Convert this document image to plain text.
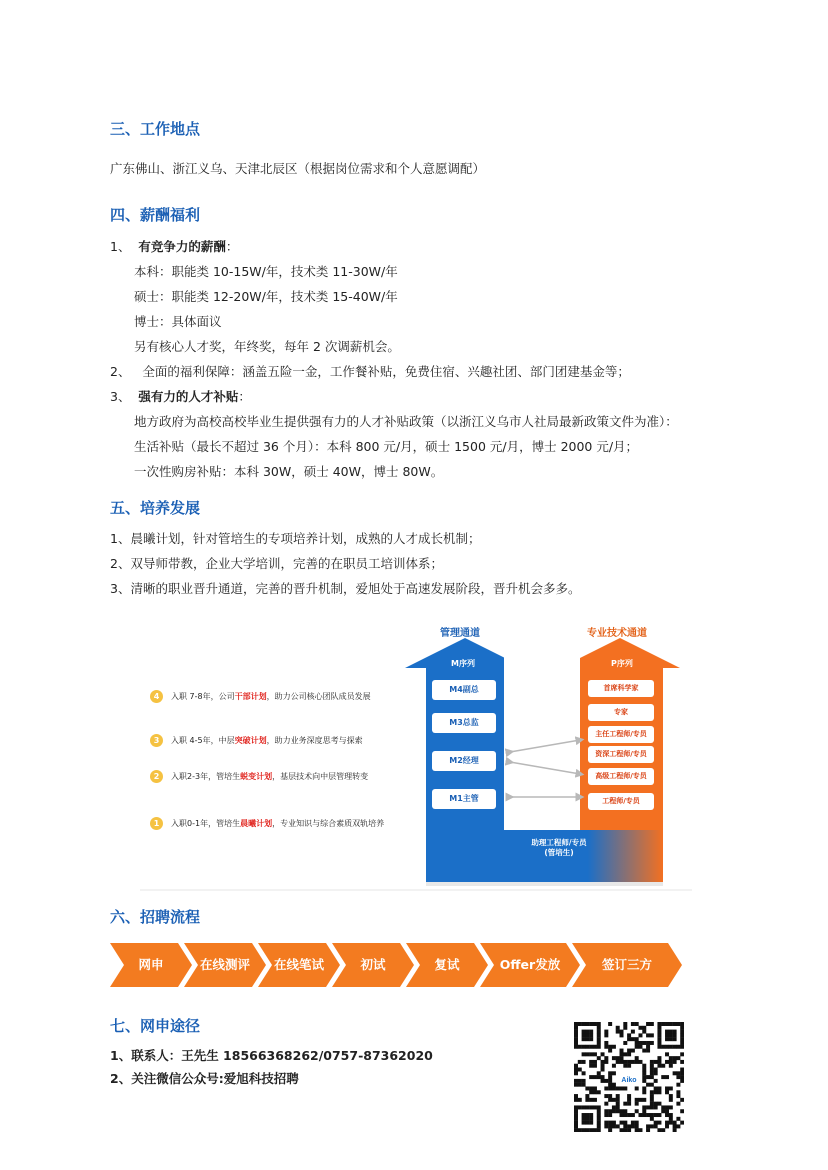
三、工作地点
广东佛山、浙江义乌、天津北辰区（根据岗位需求和个人意愿调配）
四、薪酬福利
1、 有竞争力的薪酬：
本科：职能类 10-15W/年，技术类 11-30W/年
硕士：职能类 12-20W/年，技术类 15-40W/年
博士：具体面议
另有核心人才奖，年终奖，每年 2 次调薪机会。
2、 全面的福利保障：涵盖五险一金，工作餐补贴，免费住宿、兴趣社团、部门团建基金等；
3、 强有力的人才补贴：
地方政府为高校高校毕业生提供强有力的人才补贴政策（以浙江义乌市人社局最新政策文件为准）：
生活补贴（最长不超过 36 个月）：本科 800 元/月，硕士 1500 元/月，博士 2000 元/月；
一次性购房补贴：本科 30W，硕士 40W，博士 80W。
五、培养发展
1、晨曦计划，针对管培生的专项培养计划，成熟的人才成长机制；
2、双导师带教，企业大学培训，完善的在职员工培训体系；
3、清晰的职业晋升通道，完善的晋升机制，爱旭处于高速发展阶段，晋升机会多多。
管理通道	专业技术通道
M序列	P序列
M4副总
M3总监
M2经理
M1主管
首席科学家
专家
主任工程师/专员
资深工程师/专员
高级工程师/专员
工程师/专员
助理工程师/专员
(管培生)
4 入职 7-8年，公司干部计划，助力公司核心团队成员发展
3 入职 4-5年，中层突破计划，助力业务深度思考与探索
2 入职2-3年，管培生蜕变计划，基层技术向中层管理转变
1 入职0-1年，管培生晨曦计划，专业知识与综合素质双轨培养
六、招聘流程
网申	在线测评	在线笔试	初试	复试	Offer发放	签订三方
七、网申途径
1、联系人：王先生 18566368262/0757-87362020
2、关注微信公众号:爱旭科技招聘	Aiko
